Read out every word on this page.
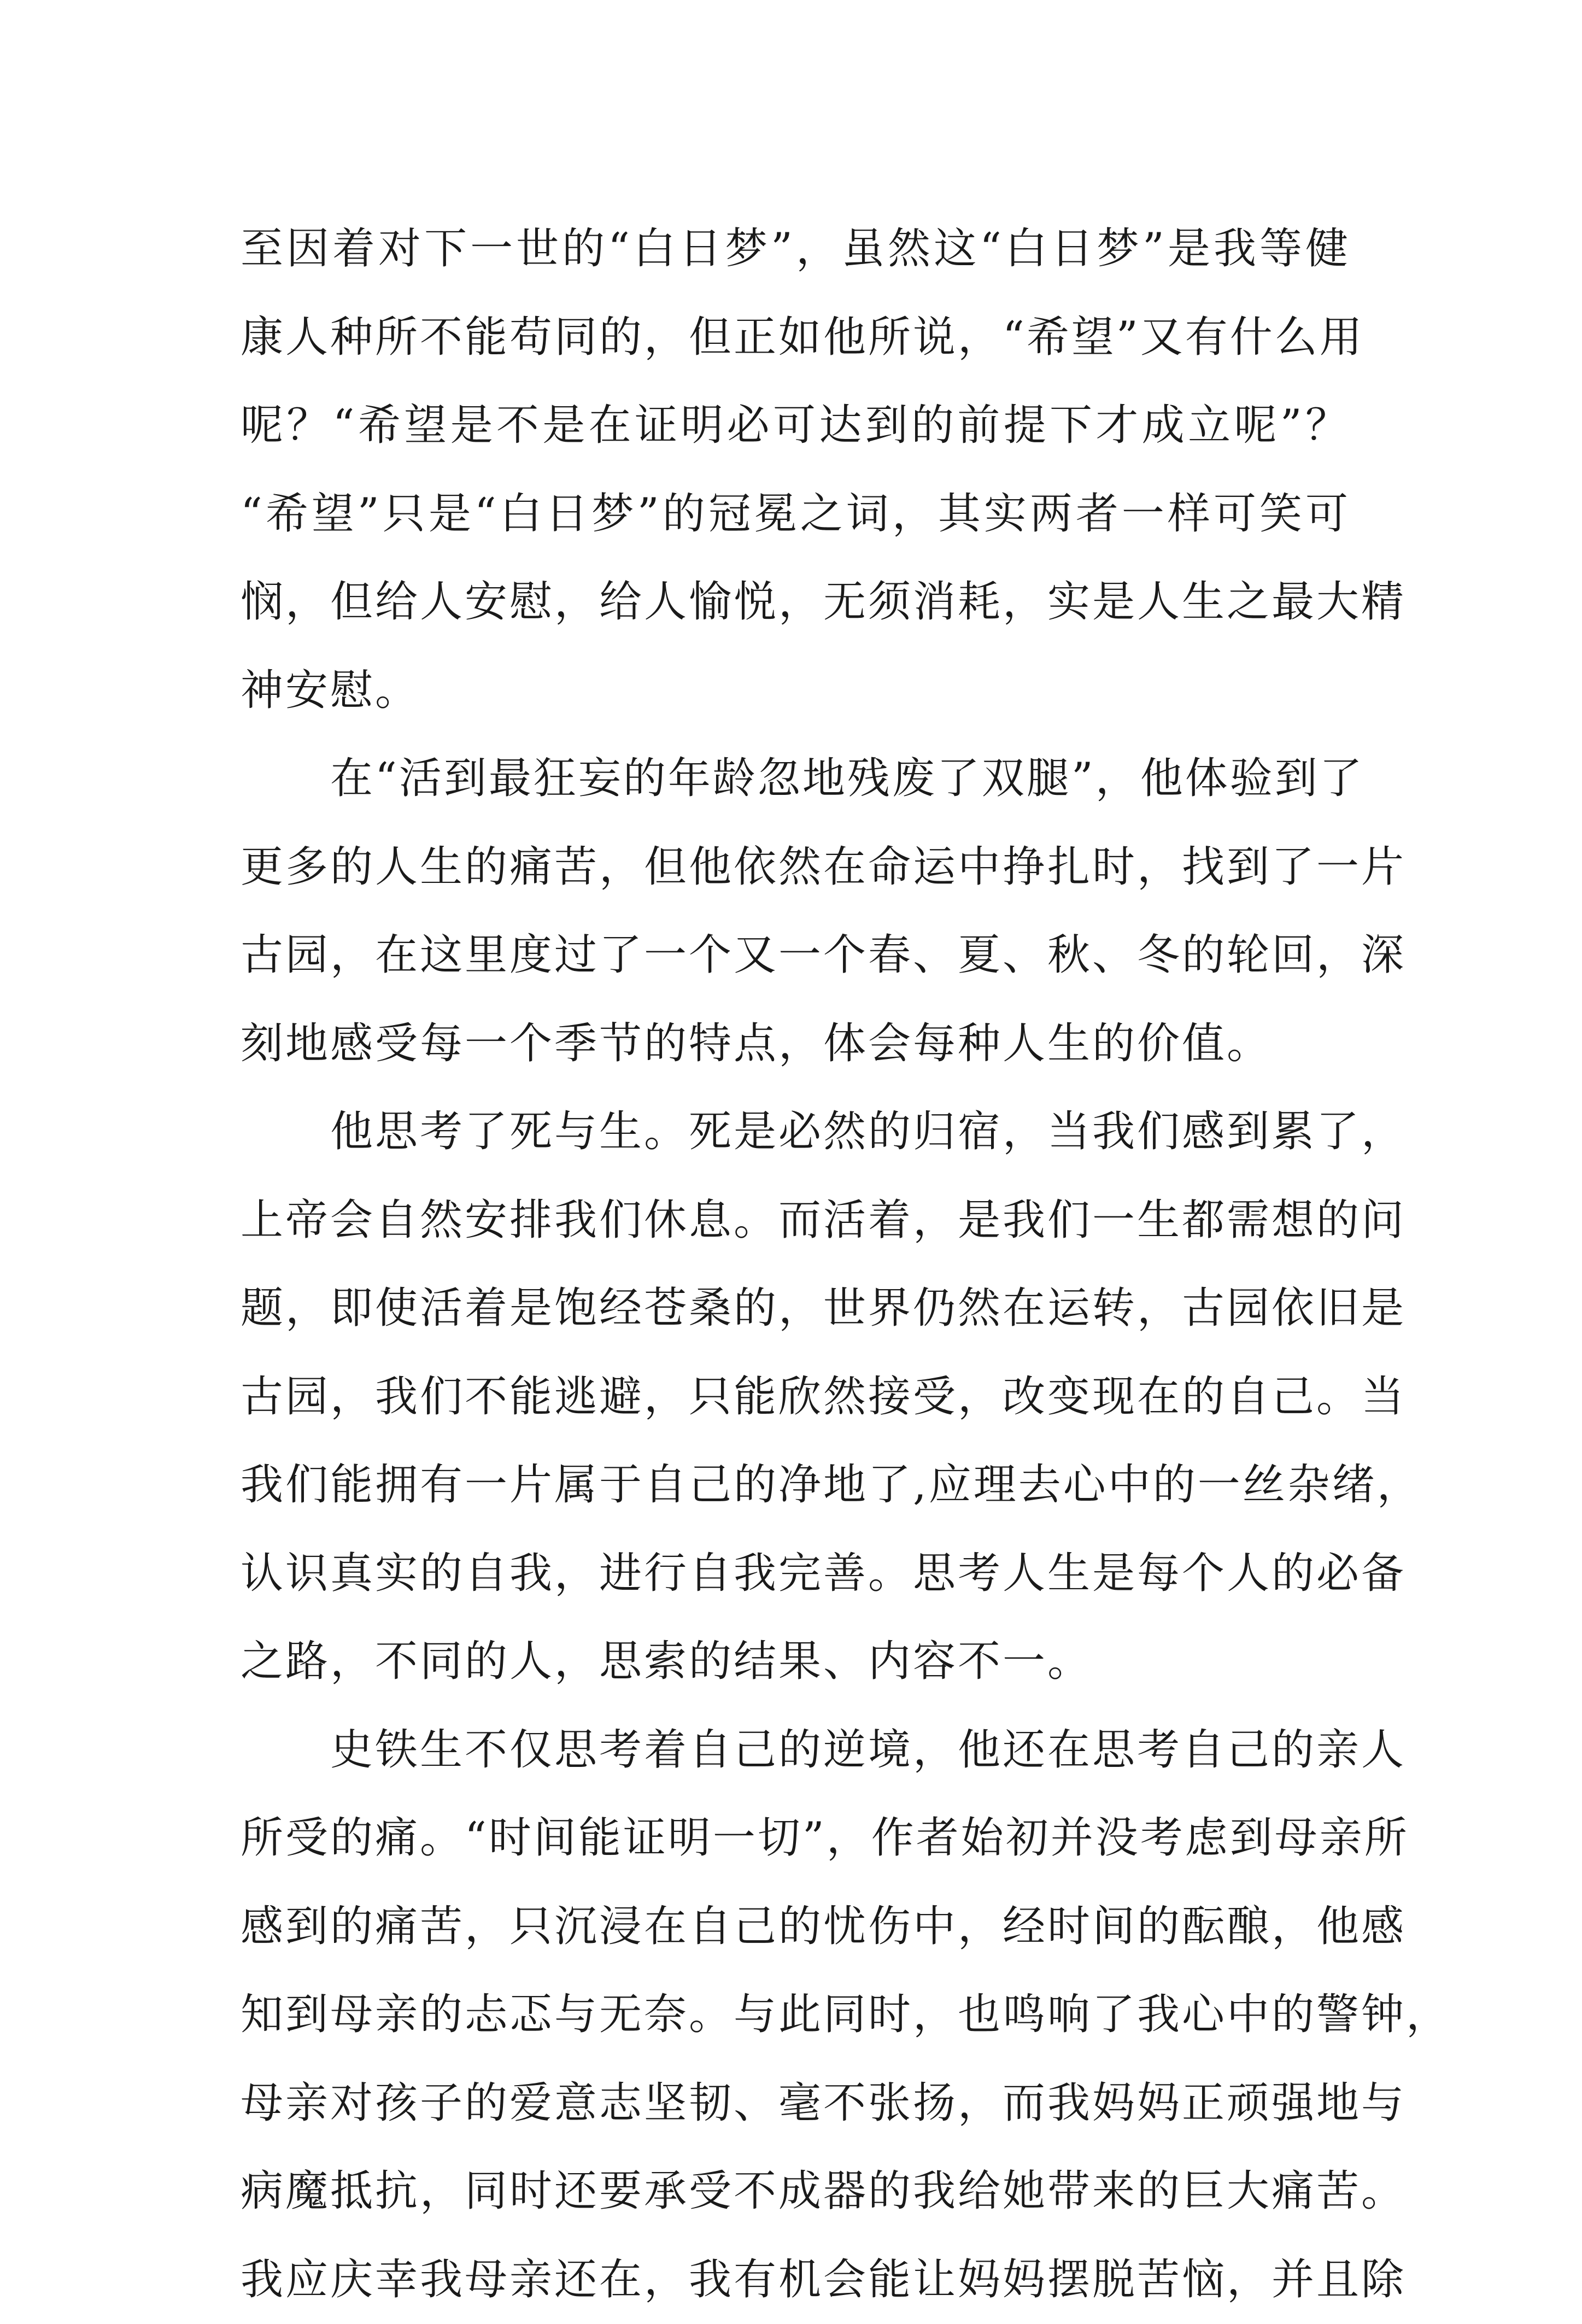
至因着对下一世的“白日梦”，虽然这“白日梦”是我等健
康人种所不能苟同的，但正如他所说，“希望”又有什么用
呢？“希望是不是在证明必可达到的前提下才成立呢”？
“希望”只是“白日梦”的冠冕之词，其实两者一样可笑可
悯，但给人安慰，给人愉悦，无须消耗，实是人生之最大精
神安慰。

在“活到最狂妄的年龄忽地残废了双腿”，他体验到了
更多的人生的痛苦，但他依然在命运中挣扎时，找到了一片
古园，在这里度过了一个又一个春、夏、秋、冬的轮回，深
刻地感受每一个季节的特点，体会每种人生的价值。

他思考了死与生。死是必然的归宿，当我们感到累了，
上帝会自然安排我们休息。而活着，是我们一生都需想的问
题，即使活着是饱经苍桑的，世界仍然在运转，古园依旧是
古园，我们不能逃避，只能欣然接受，改变现在的自己。当
我们能拥有一片属于自己的净地了,应理去心中的一丝杂绪，
认识真实的自我，进行自我完善。思考人生是每个人的必备
之路，不同的人，思索的结果、内容不一。

史铁生不仅思考着自己的逆境，他还在思考自己的亲人
所受的痛。“时间能证明一切”，作者始初并没考虑到母亲所
感到的痛苦，只沉浸在自己的忧伤中，经时间的酝酿，他感
知到母亲的忐忑与无奈。与此同时，也鸣响了我心中的警钟，
母亲对孩子的爱意志坚韧、毫不张扬，而我妈妈正顽强地与
病魔抵抗，同时还要承受不成器的我给她带来的巨大痛苦。
我应庆幸我母亲还在，我有机会能让妈妈摆脱苦恼，并且除
